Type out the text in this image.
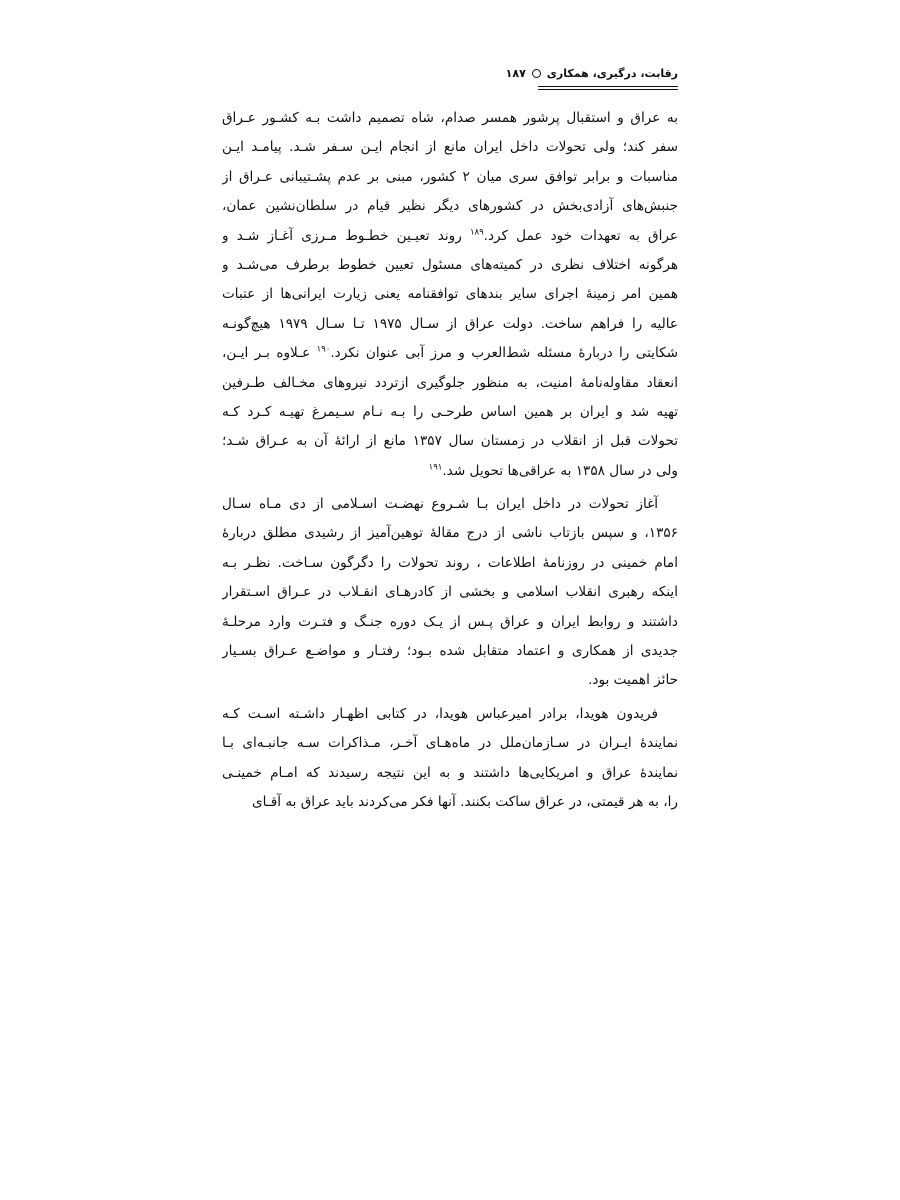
رقابت، درگیری، همکاری
۱۸۷
به عراق و استقبال پرشور همسر صدام، شاه تصمیم داشت بـه کشـور عـراق
سفر کند؛ ولی تحولات داخل ایران مانع از انجام ایـن سـفر شـد. پیامـد ایـن
مناسبات و برابر توافق سری میان ۲ کشور، مبنی بر عدم پشـتیبانی عـراق از
جنبش‌های آزادی‌بخش در کشورهای دیگر نظیر قیام در سلطان‌نشین عمان،
عراق به تعهدات خود عمل کرد.$^{۱۸۹}$ روند تعیـین خطـوط مـرزی آغـاز شـد و
هرگونه اختلاف نظری در کمیته‌های مسئول تعیین خطوط برطرف می‌شـد و
همین امر زمینهٔ اجرای سایر بندهای توافقنامه یعنی زیارت ایرانی‌ها از عتبات
عالیه را فراهم ساخت. دولت عراق از سـال ۱۹۷۵ تـا سـال ۱۹۷۹ هیچ‌گونـه
شکایتی را دربارهٔ مسئله شط‌العرب و مرز آبی عنوان نکرد.$^{۱۹۰}$ عـلاوه بـر ایـن،
انعقاد مقاوله‌نامهٔ امنیت، به منظور جلوگیری ازتردد نیروهای مخـالف طـرفین
تهیه شد و ایران بر همین اساس طرحـی را بـه نـام سـیمرغ تهیـه کـرد کـه
تحولات قبل از انقلاب در زمستان سال ۱۳۵۷ مانع از ارائهٔ آن به عـراق شـد؛
ولی در سال ۱۳۵۸ به عراقی‌ها تحویل شد.$^{۱۹۱}$
آغاز تحولات در داخل ایران بـا شـروع نهضـت اسـلامی از دی مـاه سـال
۱۳۵۶، و سپس بازتاب ناشی از درج مقالهٔ توهین‌آمیز از رشیدی مطلق دربارهٔ
امام خمینی در روزنامهٔ اطلاعات ، روند تحولات را دگرگون سـاخت. نظـر بـه
اینکه رهبری انقلاب اسلامی و بخشی از کادرهـای انقـلاب در عـراق اسـتقرار
داشتند و روابط ایران و عراق پـس از یـک دوره جنـگ و فتـرت وارد مرحلـهٔ
جدیدی از همکاری و اعتماد متقابل شده بـود؛ رفتـار و مواضـع عـراق بسـیار
حائز اهمیت بود.
فریدون هویدا، برادر امیرعباس هویدا، در کتابی اظهـار داشـته اسـت کـه
نمایندهٔ ایـران در سـازمان‌ملل در ماه‌هـای آخـر، مـذاکرات سـه جانبـه‌ای بـا
نمایندهٔ عراق و امریکایی‌ها داشتند و به این نتیجه رسیدند که امـام خمینـی
را، به هر قیمتی، در عراق ساکت بکنند. آنها فکر می‌کردند باید عراق به آقـای
